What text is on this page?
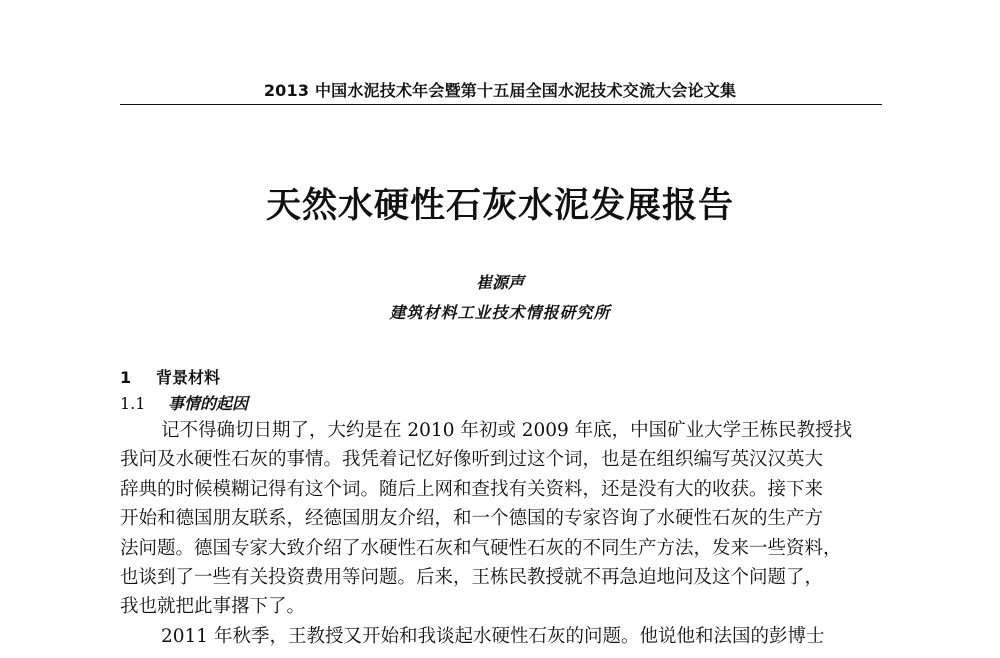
2013 中国水泥技术年会暨第十五届全国水泥技术交流大会论文集
天然水硬性石灰水泥发展报告
崔源声
建筑材料工业技术情报研究所
1 背景材料
1.1 事情的起因
记不得确切日期了，大约是在 2010 年初或 2009 年底，中国矿业大学王栋民教授找
我问及水硬性石灰的事情。我凭着记忆好像听到过这个词，也是在组织编写英汉汉英大
辞典的时候模糊记得有这个词。随后上网和查找有关资料，还是没有大的收获。接下来
开始和德国朋友联系，经德国朋友介绍，和一个德国的专家咨询了水硬性石灰的生产方
法问题。德国专家大致介绍了水硬性石灰和气硬性石灰的不同生产方法，发来一些资料，
也谈到了一些有关投资费用等问题。后来，王栋民教授就不再急迫地问及这个问题了，
我也就把此事撂下了。
2011 年秋季，王教授又开始和我谈起水硬性石灰的问题。他说他和法国的彭博士
